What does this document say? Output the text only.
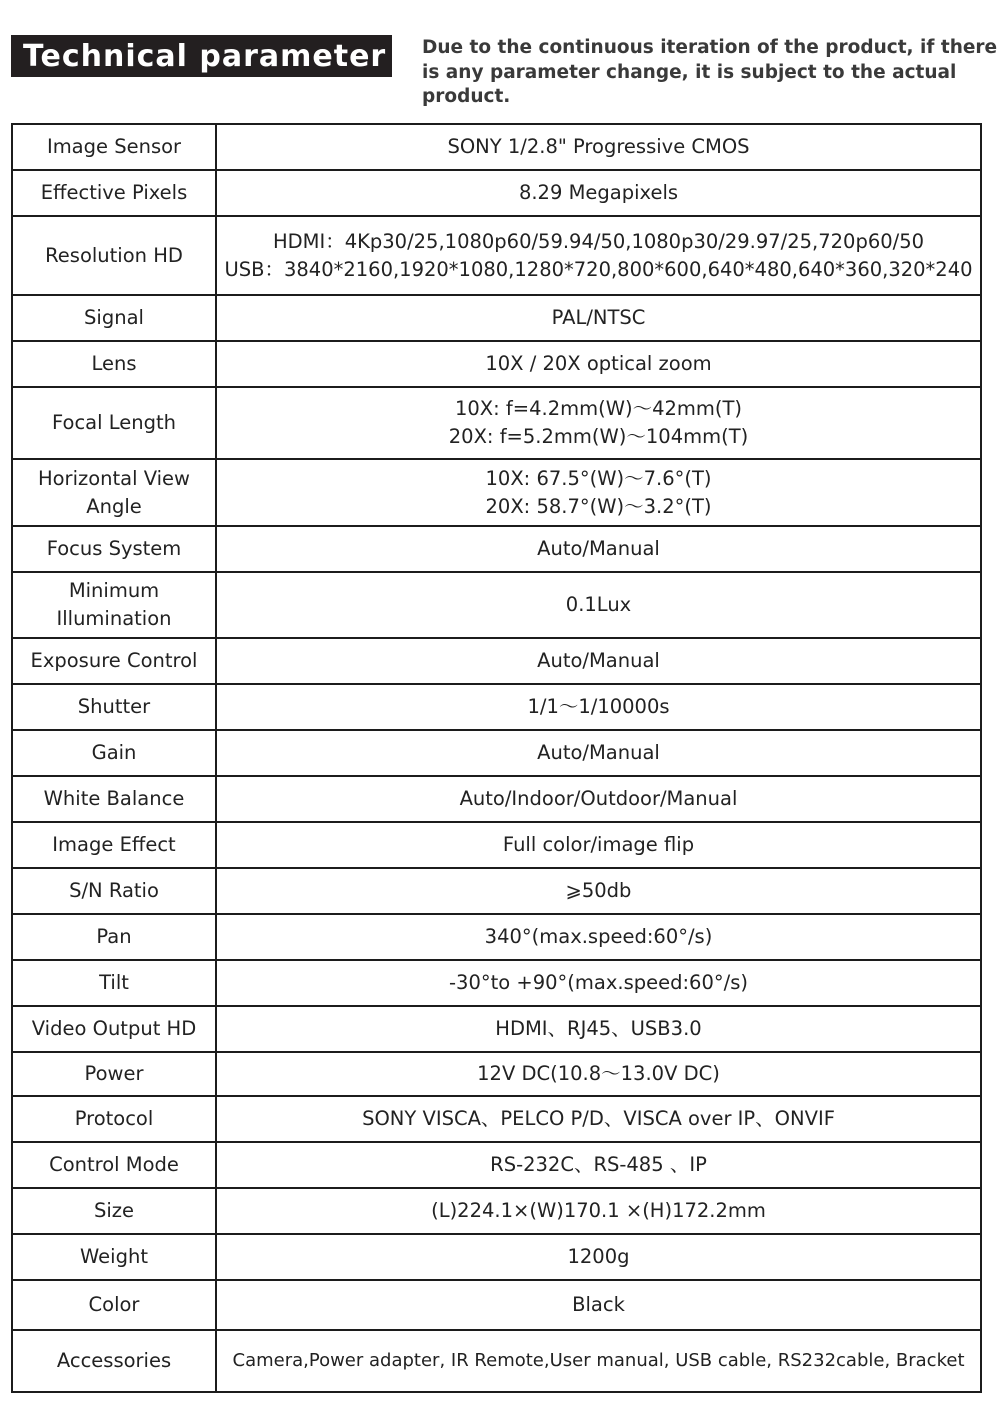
Technical parameter	Due to the continuous iteration of the product, if there
is any parameter change, it is subject to the actual
product.
Image Sensor	SONY 1/2.8" Progressive CMOS

Effective Pixels	8.29 Megapixels

Resolution HD	HDMI：4Kp30/25,1080p60/59.94/50,1080p30/29.97/25,720p60/50
USB：3840*2160,1920*1080,1280*720,800*600,640*480,640*360,320*240

Signal	PAL/NTSC

Lens	10X / 20X optical zoom

Focal Length	10X: f=4.2mm(W)～42mm(T)
20X: f=5.2mm(W)～104mm(T)

Horizontal View
Angle	10X: 67.5°(W)～7.6°(T)
20X: 58.7°(W)～3.2°(T)

Focus System	Auto/Manual

Minimum
Illumination	0.1Lux

Exposure Control	Auto/Manual

Shutter	1/1～1/10000s

Gain	Auto/Manual

White Balance	Auto/Indoor/Outdoor/Manual

Image Effect	Full color/image flip

S/N Ratio	⩾50db

Pan	340°(max.speed:60°/s)

Tilt	-30°to +90°(max.speed:60°/s)

Video Output HD	HDMI、RJ45、USB3.0

Power	12V DC(10.8～13.0V DC)

Protocol	SONY VISCA、PELCO P/D、VISCA over IP、ONVIF

Control Mode	RS-232C、RS-485 、IP

Size	(L)224.1×(W)170.1 ×(H)172.2mm

Weight	1200g

Color	Black

Accessories	Camera,Power adapter, IR Remote,User manual, USB cable, RS232cable, Bracket
